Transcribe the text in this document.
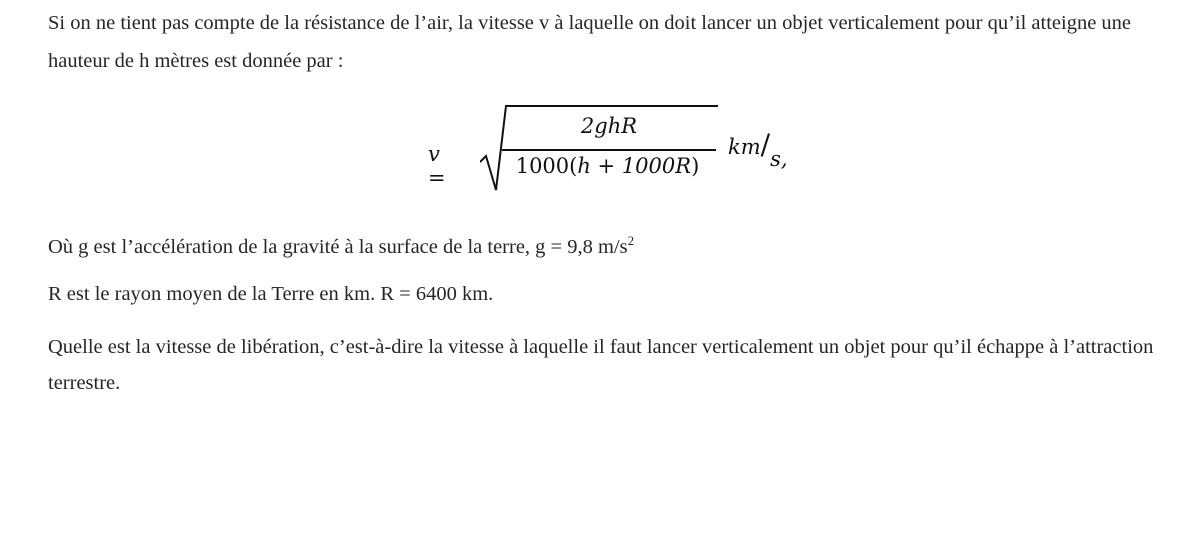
Si on ne tient pas compte de la résistance de l’air, la vitesse v à laquelle on doit lancer un objet verticalement pour qu’il atteigne une hauteur de h mètres est donnée par :

v =
2ghR
1000(h + 1000R)
km/s,

Où g est l’accélération de la gravité à la surface de la terre, g = 9,8 $m/s^2$

R est le rayon moyen de la Terre en km. R = 6400 km.

Quelle est la vitesse de libération, c’est-à-dire la vitesse à laquelle il faut lancer verticalement un objet pour qu’il échappe à l’attraction terrestre.
